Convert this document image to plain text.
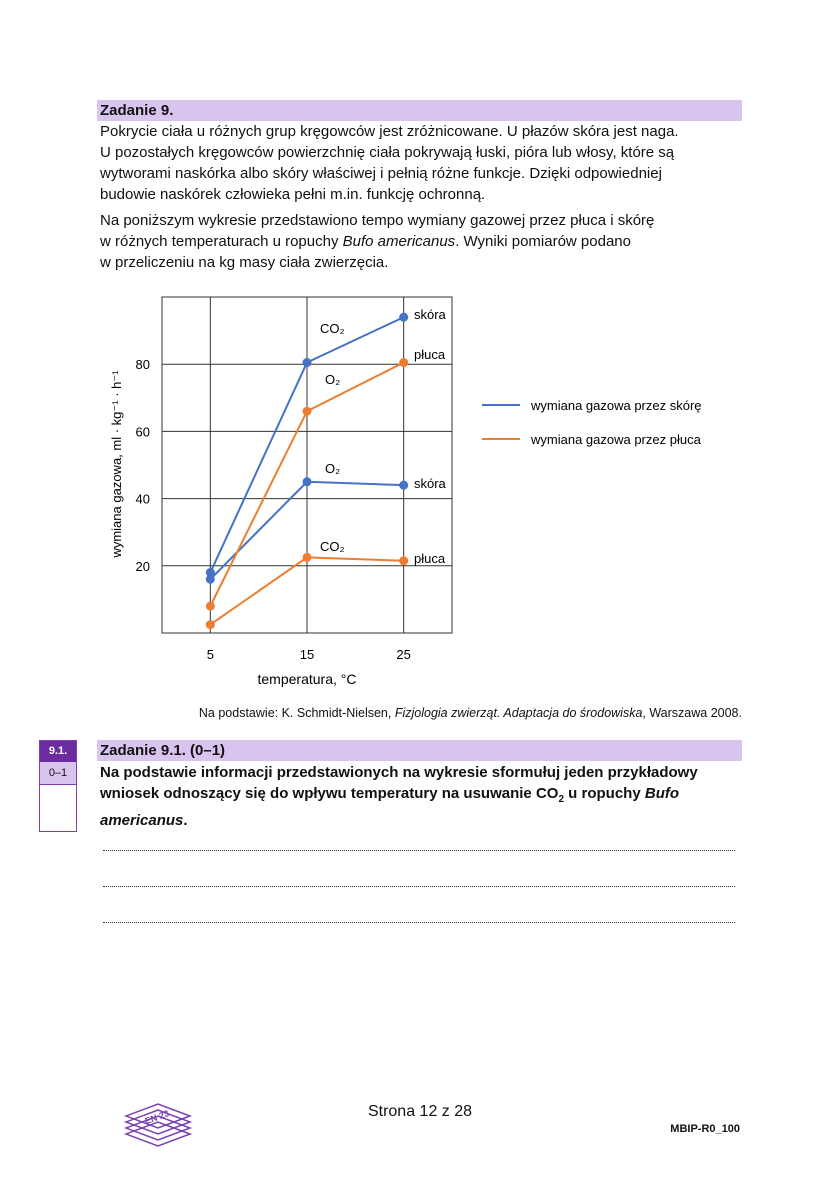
Zadanie 9.

Pokrycie ciała u różnych grup kręgowców jest zróżnicowane. U płazów skóra jest naga.
U pozostałych kręgowców powierzchnię ciała pokrywają łuski, pióra lub włosy, które są
wytworami naskórka albo skóry właściwej i pełnią różne funkcje. Dzięki odpowiedniej
budowie naskórek człowieka pełni m.in. funkcję ochronną.

Na poniższym wykresie przedstawiono tempo wymiany gazowej przez płuca i skórę
w różnych temperaturach u ropuchy Bufo americanus. Wyniki pomiarów podano
w przeliczeniu na kg masy ciała zwierzęcia.

5	15	25
20
40
60
80
temperatura, °C
wymiana gazowa, ml · kg⁻¹ · h⁻¹
CO₂
O₂
O₂
CO₂
skóra
płuca
skóra
płuca
wymiana gazowa przez skórę
wymiana gazowa przez płuca
Na podstawie: K. Schmidt-Nielsen, Fizjologia zwierząt. Adaptacja do środowiska, Warszawa 2008.
9.1.
0–1
Zadanie 9.1. (0–1)
Na podstawie informacji przedstawionych na wykresie sformułuj jeden przykładowy
wniosek odnoszący się do wpływu temperatury na usuwanie $CO_2$ u ropuchy Bufo
americanus.
EN 23	Strona 12 z 28
MBIP-R0_100
